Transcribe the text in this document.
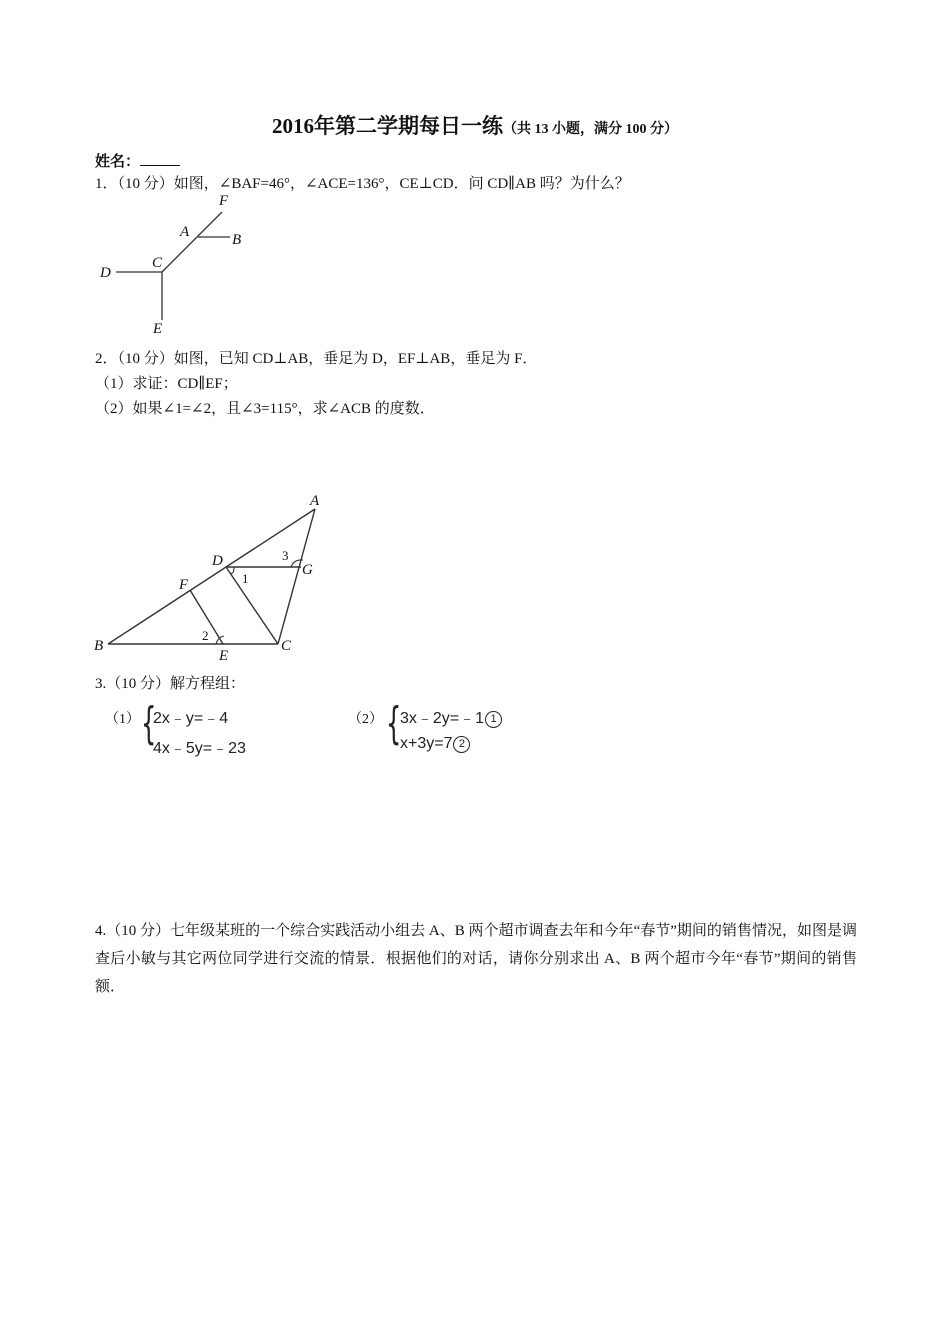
2016年第二学期每日一练（共 13 小题，满分 100 分）
姓名：
1．（10 分）如图，∠BAF=46°，∠ACE=136°，CE⊥CD．问 CD∥AB 吗？为什么？
F
A	B
C
D
E
2．（10 分）如图，已知 CD⊥AB，垂足为 D，EF⊥AB，垂足为 F．
（1）求证：CD∥EF；
（2）如果∠1=∠2，且∠3=115°，求∠ACB 的度数．
A
B	C
D
E
F
G
1
2
3
3.（10 分）解方程组：
（1） {
2x﹣y=﹣4
4x﹣5y=﹣23
（2） {
3x﹣2y=﹣1 1
x+3y=7 2
4.（10 分）七年级某班的一个综合实践活动小组去 A、B 两个超市调查去年和今年“春节”期间的销售情况，如图是调查后小敏与其它两位同学进行交流的情景．根据他们的对话，请你分别求出 A、B 两个超市今年“春节”期间的销售额．
